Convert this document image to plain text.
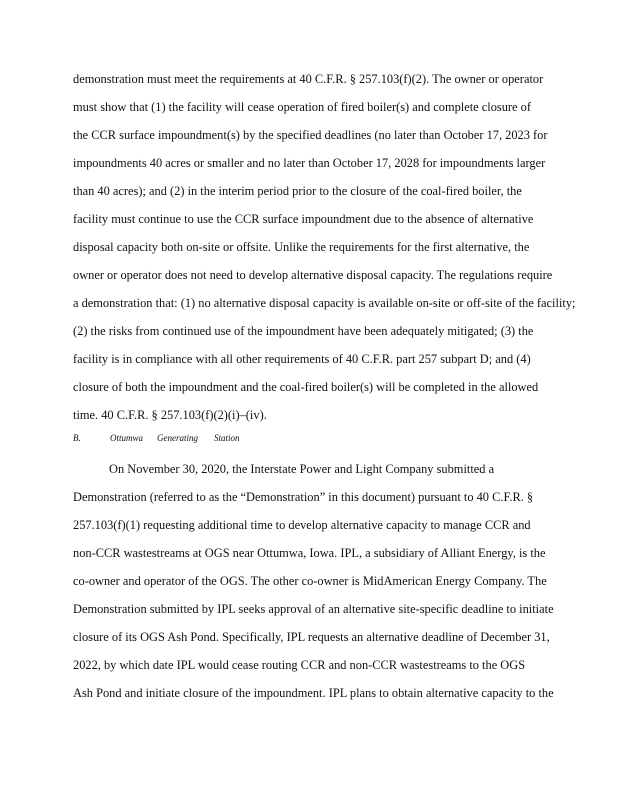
demonstration must meet the requirements at 40 C.F.R. § 257.103(f)(2). The owner or operator
must show that (1) the facility will cease operation of fired boiler(s) and complete closure of
the CCR surface impoundment(s) by the specified deadlines (no later than October 17, 2023 for
impoundments 40 acres or smaller and no later than October 17, 2028 for impoundments larger
than 40 acres); and (2) in the interim period prior to the closure of the coal-fired boiler, the
facility must continue to use the CCR surface impoundment due to the absence of alternative
disposal capacity both on-site or offsite. Unlike the requirements for the first alternative, the
owner or operator does not need to develop alternative disposal capacity. The regulations require
a demonstration that: (1) no alternative disposal capacity is available on-site or off-site of the facility;
(2) the risks from continued use of the impoundment have been adequately mitigated; (3) the
facility is in compliance with all other requirements of 40 C.F.R. part 257 subpart D; and (4)
closure of both the impoundment and the coal-fired boiler(s) will be completed in the allowed
time. 40 C.F.R. § 257.103(f)(2)(i)–(iv).
B.	Ottumwa Generating Station
On November 30, 2020, the Interstate Power and Light Company submitted a
Demonstration (referred to as the “Demonstration” in this document) pursuant to 40 C.F.R. §
257.103(f)(1) requesting additional time to develop alternative capacity to manage CCR and
non-CCR wastestreams at OGS near Ottumwa, Iowa. IPL, a subsidiary of Alliant Energy, is the
co-owner and operator of the OGS. The other co-owner is MidAmerican Energy Company. The
Demonstration submitted by IPL seeks approval of an alternative site-specific deadline to initiate
closure of its OGS Ash Pond. Specifically, IPL requests an alternative deadline of December 31,
2022, by which date IPL would cease routing CCR and non-CCR wastestreams to the OGS
Ash Pond and initiate closure of the impoundment. IPL plans to obtain alternative capacity to the
